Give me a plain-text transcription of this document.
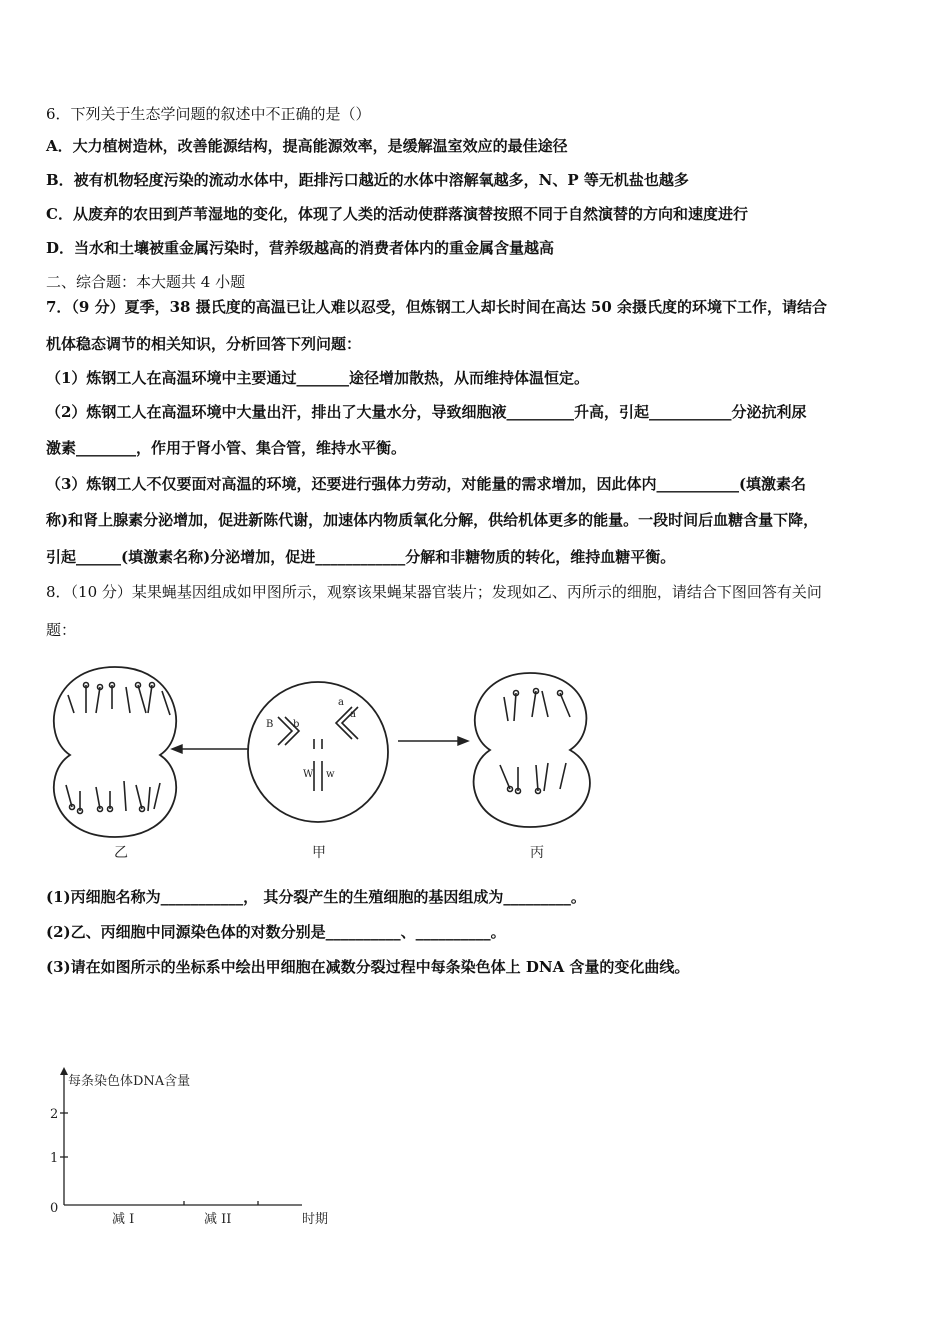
6．下列关于生态学问题的叙述中不正确的是（）
A．大力植树造林，改善能源结构，提高能源效率，是缓解温室效应的最佳途径
B．被有机物轻度污染的流动水体中，距排污口越近的水体中溶解氧越多，N、P 等无机盐也越多
C．从废弃的农田到芦苇湿地的变化，体现了人类的活动使群落演替按照不同于自然演替的方向和速度进行
D．当水和土壤被重金属污染时，营养级越高的消费者体内的重金属含量越高
二、综合题：本大题共 4 小题
7．（9 分）夏季，38 摄氏度的高温已让人难以忍受，但炼钢工人却长时间在高达 50 余摄氏度的环境下工作，请结合
机体稳态调节的相关知识，分析回答下列问题：
（1）炼钢工人在高温环境中主要通过_______途径增加散热，从而维持体温恒定。
（2）炼钢工人在高温环境中大量出汗，排出了大量水分，导致细胞液_________升高，引起___________分泌抗利尿
激素________，作用于肾小管、集合管，维持水平衡。
（3）炼钢工人不仅要面对高温的环境，还要进行强体力劳动，对能量的需求增加，因此体内___________(填激素名
称)和肾上腺素分泌增加，促进新陈代谢，加速体内物质氧化分解，供给机体更多的能量。一段时间后血糖含量下降，
引起______(填激素名称)分泌增加，促进____________分解和非糖物质的转化，维持血糖平衡。
8．（10 分）某果蝇基因组成如甲图所示，观察该果蝇某器官装片；发现如乙、丙所示的细胞，请结合下图回答有关问
题：
B b
a
a
W w
乙	甲	丙
(1)丙细胞名称为___________， 其分裂产生的生殖细胞的基因组成为_________。
(2)乙、丙细胞中同源染色体的对数分别是__________、__________。
(3)请在如图所示的坐标系中绘出甲细胞在减数分裂过程中每条染色体上 DNA 含量的变化曲线。
每条染色体DNA含量
2
1
0
减 I	减 II	时期
